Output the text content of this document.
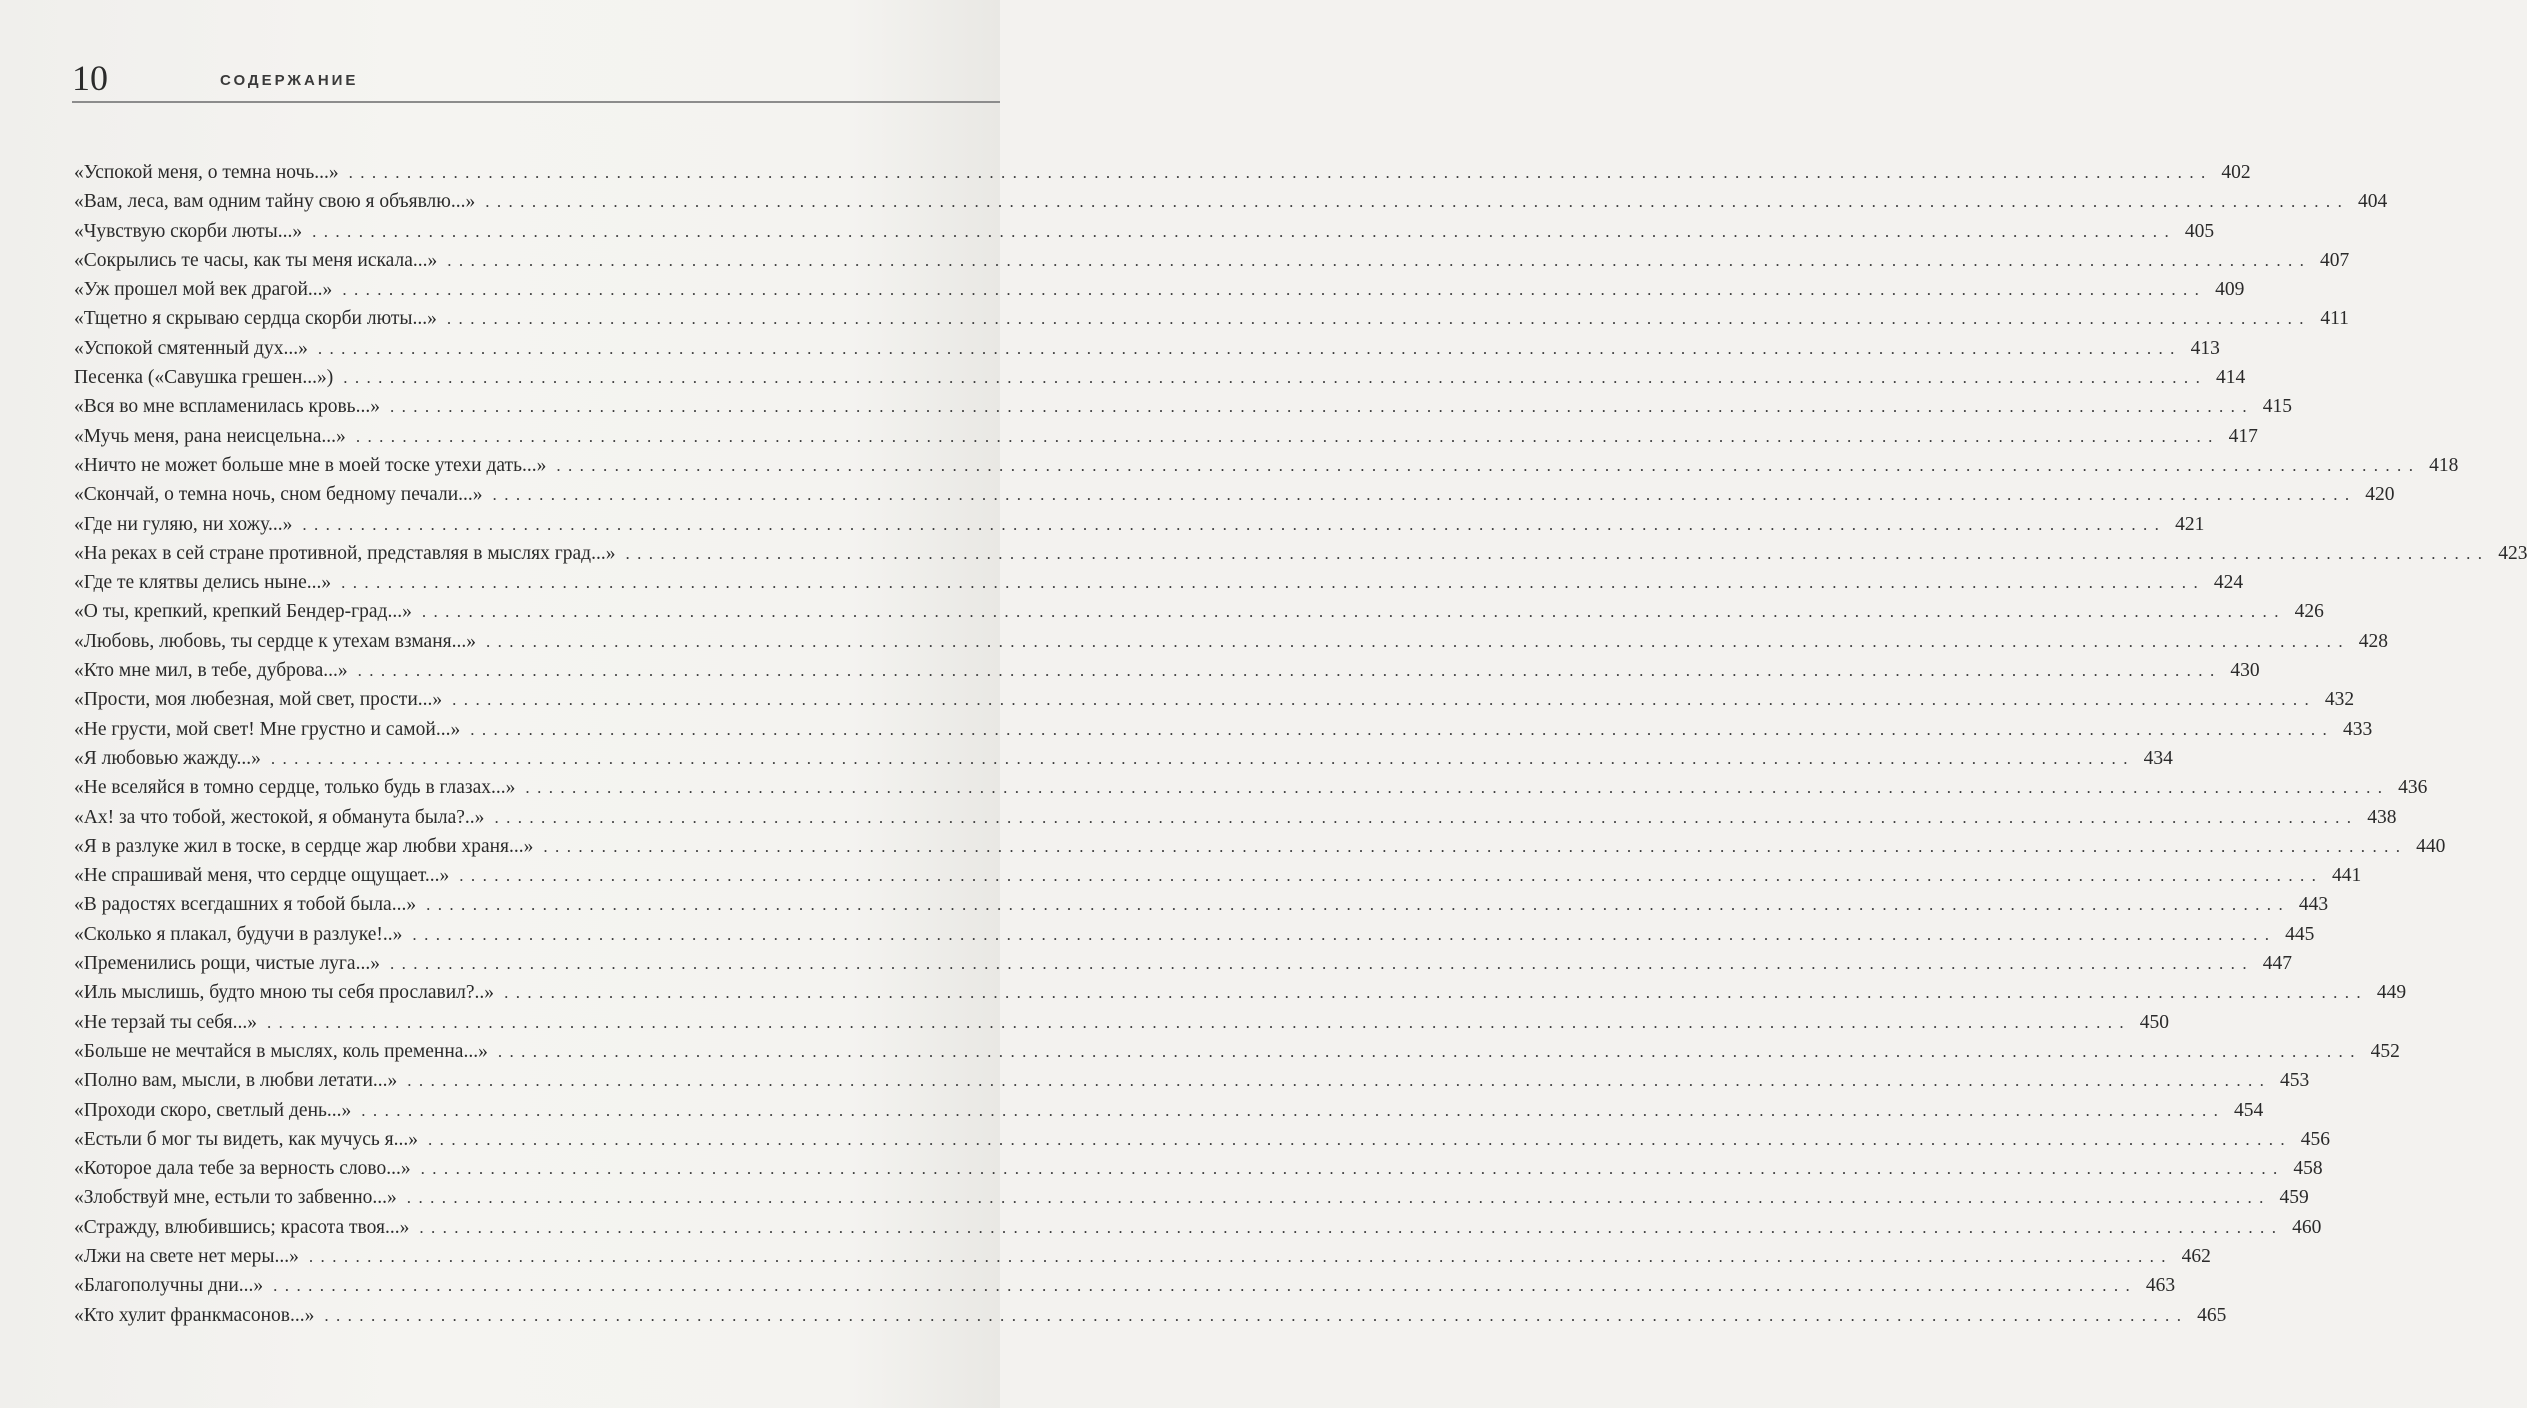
10	СОДЕРЖАНИЕ
«Успокой меня, о темна ночь...» ................................................................................................................................................................ 402
«Вам, леса, вам одним тайну свою я объявлю...» ................................................................................................................................................................ 404
«Чувствую скорби люты...» ................................................................................................................................................................ 405
«Сокрылись те часы, как ты меня искала...» ................................................................................................................................................................ 407
«Уж прошел мой век драгой...» ................................................................................................................................................................ 409
«Тщетно я скрываю сердца скорби люты...» ................................................................................................................................................................ 411
«Успокой смятенный дух...» ................................................................................................................................................................ 413
Песенка («Савушка грешен...») ................................................................................................................................................................ 414
«Вся во мне вспламенилась кровь...» ................................................................................................................................................................ 415
«Мучь меня, рана неисцельна...» ................................................................................................................................................................ 417
«Ничто не может больше мне в моей тоске утехи дать...» ................................................................................................................................................................ 418
«Скончай, о темна ночь, сном бедному печали...» ................................................................................................................................................................ 420
«Где ни гуляю, ни хожу...» ................................................................................................................................................................ 421
«На реках в сей стране противной, представляя в мыслях град...» ................................................................................................................................................................ 423
«Где те клятвы делись ныне...» ................................................................................................................................................................ 424
«О ты, крепкий, крепкий Бендер-град...» ................................................................................................................................................................ 426
«Любовь, любовь, ты сердце к утехам взманя...» ................................................................................................................................................................ 428
«Кто мне мил, в тебе, дуброва...» ................................................................................................................................................................ 430
«Прости, моя любезная, мой свет, прости...» ................................................................................................................................................................ 432
«Не грусти, мой свет! Мне грустно и самой...» ................................................................................................................................................................ 433
«Я любовью жажду...» ................................................................................................................................................................ 434
«Не вселяйся в томно сердце, только будь в глазах...» ................................................................................................................................................................ 436
«Ах! за что тобой, жестокой, я обманута была?..» ................................................................................................................................................................ 438
«Я в разлуке жил в тоске, в сердце жар любви храня...» ................................................................................................................................................................ 440
«Не спрашивай меня, что сердце ощущает...» ................................................................................................................................................................ 441
«В радостях всегдашних я тобой была...» ................................................................................................................................................................ 443
«Сколько я плакал, будучи в разлуке!..» ................................................................................................................................................................ 445
«Пременились рощи, чистые луга...» ................................................................................................................................................................ 447
«Иль мыслишь, будто мною ты себя прославил?..» ................................................................................................................................................................ 449
«Не терзай ты себя...» ................................................................................................................................................................ 450
«Больше не мечтайся в мыслях, коль пременна...» ................................................................................................................................................................ 452
«Полно вам, мысли, в любви летати...» ................................................................................................................................................................ 453
«Проходи скоро, светлый день...» ................................................................................................................................................................ 454
«Естьли б мог ты видеть, как мучусь я...» ................................................................................................................................................................ 456
«Которое дала тебе за верность слово...» ................................................................................................................................................................ 458
«Злобствуй мне, естьли то забвенно...» ................................................................................................................................................................ 459
«Стражду, влюбившись; красота твоя...» ................................................................................................................................................................ 460
«Лжи на свете нет меры...» ................................................................................................................................................................ 462
«Благополучны дни...» ................................................................................................................................................................ 463
«Кто хулит франкмасонов...» ................................................................................................................................................................ 465
